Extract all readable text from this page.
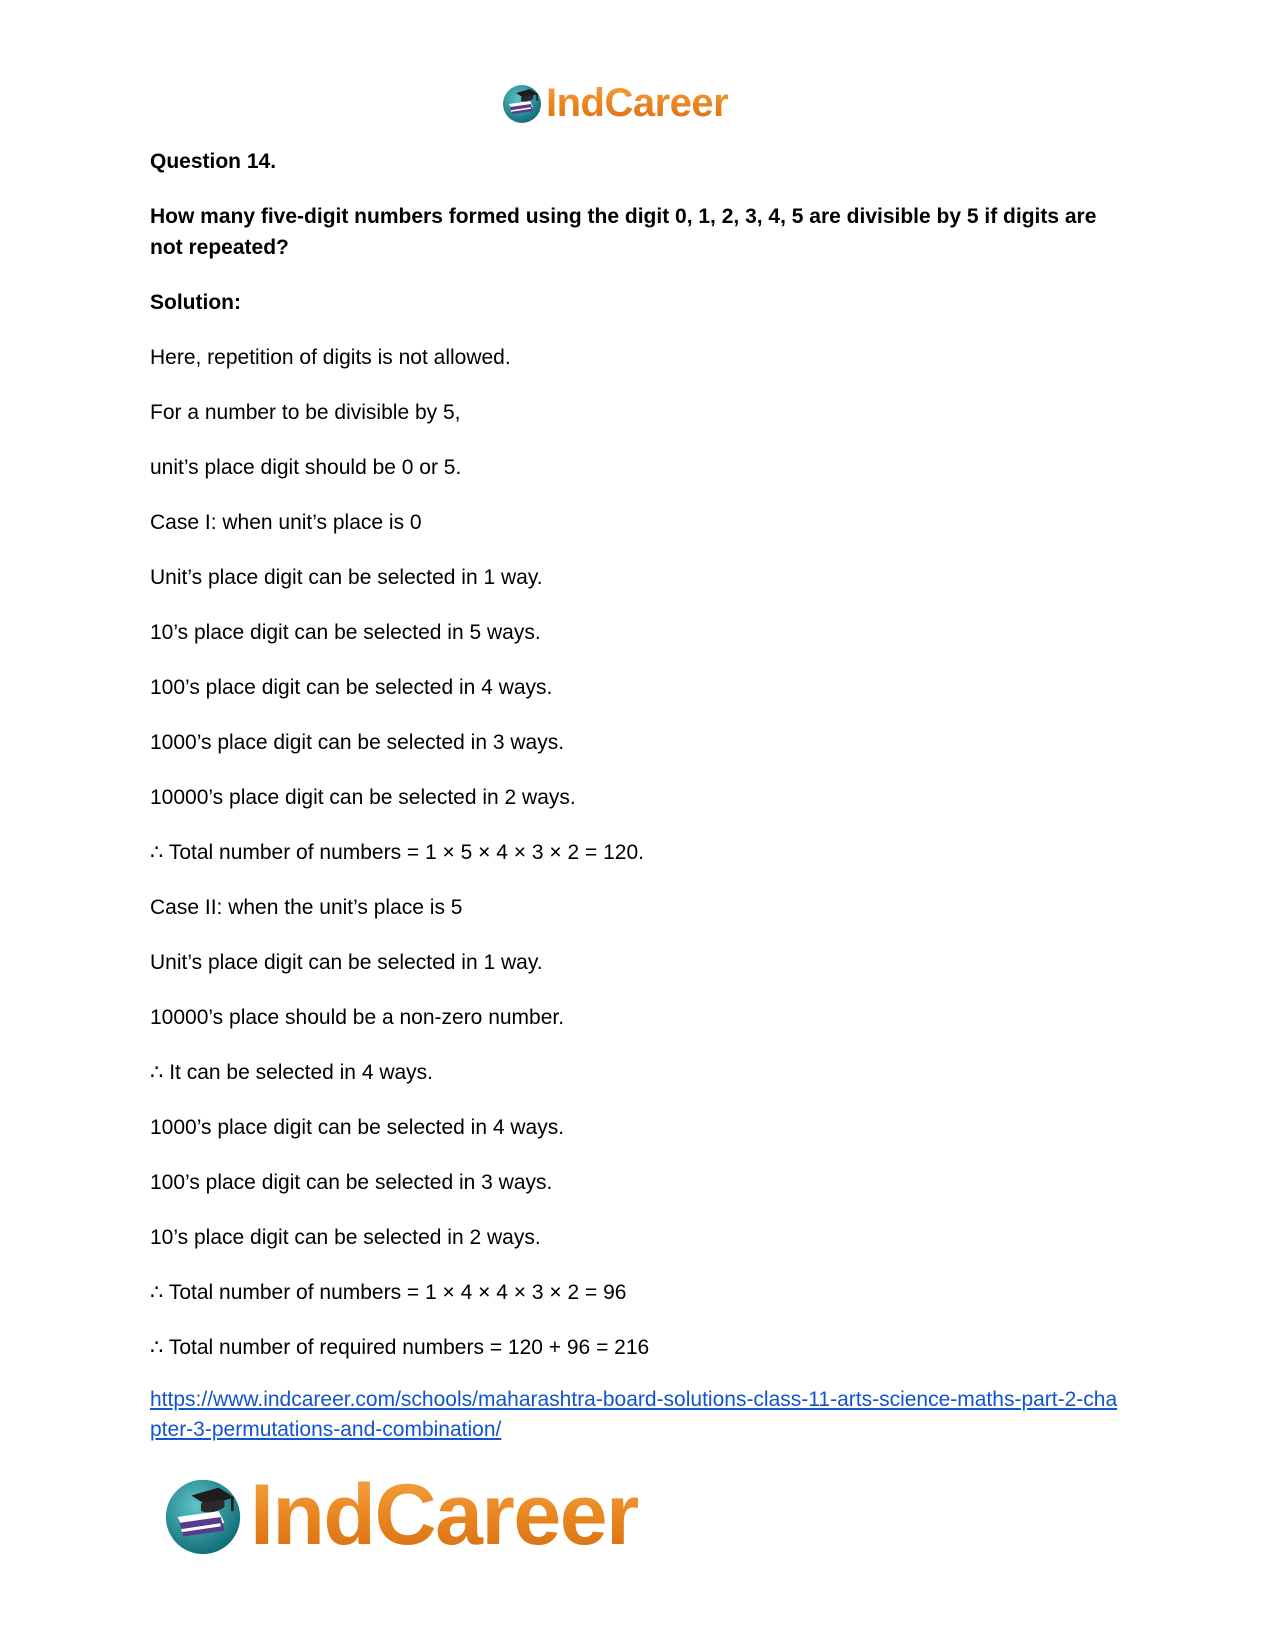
IndCareer
Question 14.
How many five-digit numbers formed using the digit 0, 1, 2, 3, 4, 5 are divisible by 5 if digits are not repeated?
Solution:
Here, repetition of digits is not allowed.
For a number to be divisible by 5,
unit’s place digit should be 0 or 5.
Case I: when unit’s place is 0
Unit’s place digit can be selected in 1 way.
10’s place digit can be selected in 5 ways.
100’s place digit can be selected in 4 ways.
1000’s place digit can be selected in 3 ways.
10000’s place digit can be selected in 2 ways.
∴ Total number of numbers = 1 × 5 × 4 × 3 × 2 = 120.
Case II: when the unit’s place is 5
Unit’s place digit can be selected in 1 way.
10000’s place should be a non-zero number.
∴ It can be selected in 4 ways.
1000’s place digit can be selected in 4 ways.
100’s place digit can be selected in 3 ways.
10’s place digit can be selected in 2 ways.
∴ Total number of numbers = 1 × 4 × 4 × 3 × 2 = 96
∴ Total number of required numbers = 120 + 96 = 216
https://www.indcareer.com/schools/maharashtra-board-solutions-class-11-arts-science-maths-part-2-chapter-3-permutations-and-combination/
IndCareer
